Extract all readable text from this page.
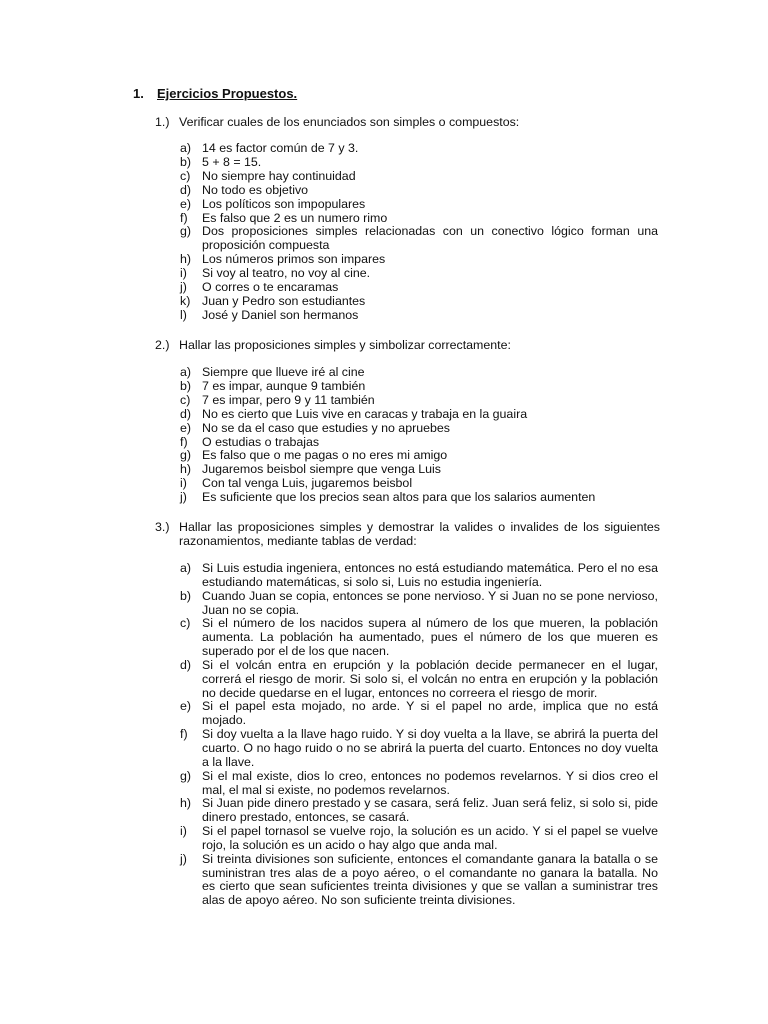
1. Ejercicios Propuestos.
1.) Verificar cuales de los enunciados son simples o compuestos:
a) 14 es factor común de 7 y 3.
b) 5 + 8 = 15.
c) No siempre hay continuidad
d) No todo es objetivo
e) Los políticos son impopulares
f) Es falso que 2 es un numero rimo
g) Dos proposiciones simples relacionadas con un conectivo lógico forman una proposición compuesta
h) Los números primos son impares
i) Si voy al teatro, no voy al cine.
j) O corres o te encaramas
k) Juan y Pedro son estudiantes
l) José y Daniel son hermanos
2.) Hallar las proposiciones simples y simbolizar correctamente:
a) Siempre que llueve iré al cine
b) 7 es impar, aunque 9 también
c) 7 es impar, pero 9 y 11 también
d) No es cierto que Luis vive en caracas y trabaja en la guaira
e) No se da el caso que estudies y no apruebes
f) O estudias o trabajas
g) Es falso que o me pagas o no eres mi amigo
h) Jugaremos beisbol siempre que venga Luis
i) Con tal venga Luis, jugaremos beisbol
j) Es suficiente que los precios sean altos para que los salarios aumenten
3.) Hallar las proposiciones simples y demostrar la valides o invalides de los siguientes razonamientos, mediante tablas de verdad:
a) Si Luis estudia ingeniera, entonces no está estudiando matemática. Pero el no esa estudiando matemáticas, si solo si, Luis no estudia ingeniería.
b) Cuando Juan se copia, entonces se pone nervioso. Y si Juan no se pone nervioso, Juan no se copia.
c) Si el número de los nacidos supera al número de los que mueren, la población aumenta. La población ha aumentado, pues el número de los que mueren es superado por el de los que nacen.
d) Si el volcán entra en erupción y la población decide permanecer en el lugar, correrá el riesgo de morir. Si solo si, el volcán no entra en erupción y la población no decide quedarse en el lugar, entonces no correera el riesgo de morir.
e) Si el papel esta mojado, no arde. Y si el papel no arde, implica que no está mojado.
f) Si doy vuelta a la llave hago ruido. Y si doy vuelta a la llave, se abrirá la puerta del cuarto. O no hago ruido o no se abrirá la puerta del cuarto. Entonces no doy vuelta a la llave.
g) Si el mal existe, dios lo creo, entonces no podemos revelarnos. Y si dios creo el mal, el mal si existe, no podemos revelarnos.
h) Si Juan pide dinero prestado y se casara, será feliz. Juan será feliz, si solo si, pide dinero prestado, entonces, se casará.
i) Si el papel tornasol se vuelve rojo, la solución es un acido. Y si el papel se vuelve rojo, la solución es un acido o hay algo que anda mal.
j) Si treinta divisiones son suficiente, entonces el comandante ganara la batalla o se suministran tres alas de a poyo aéreo, o el comandante no ganara la batalla. No es cierto que sean suficientes treinta divisiones y que se vallan a suministrar tres alas de apoyo aéreo. No son suficiente treinta divisiones.
